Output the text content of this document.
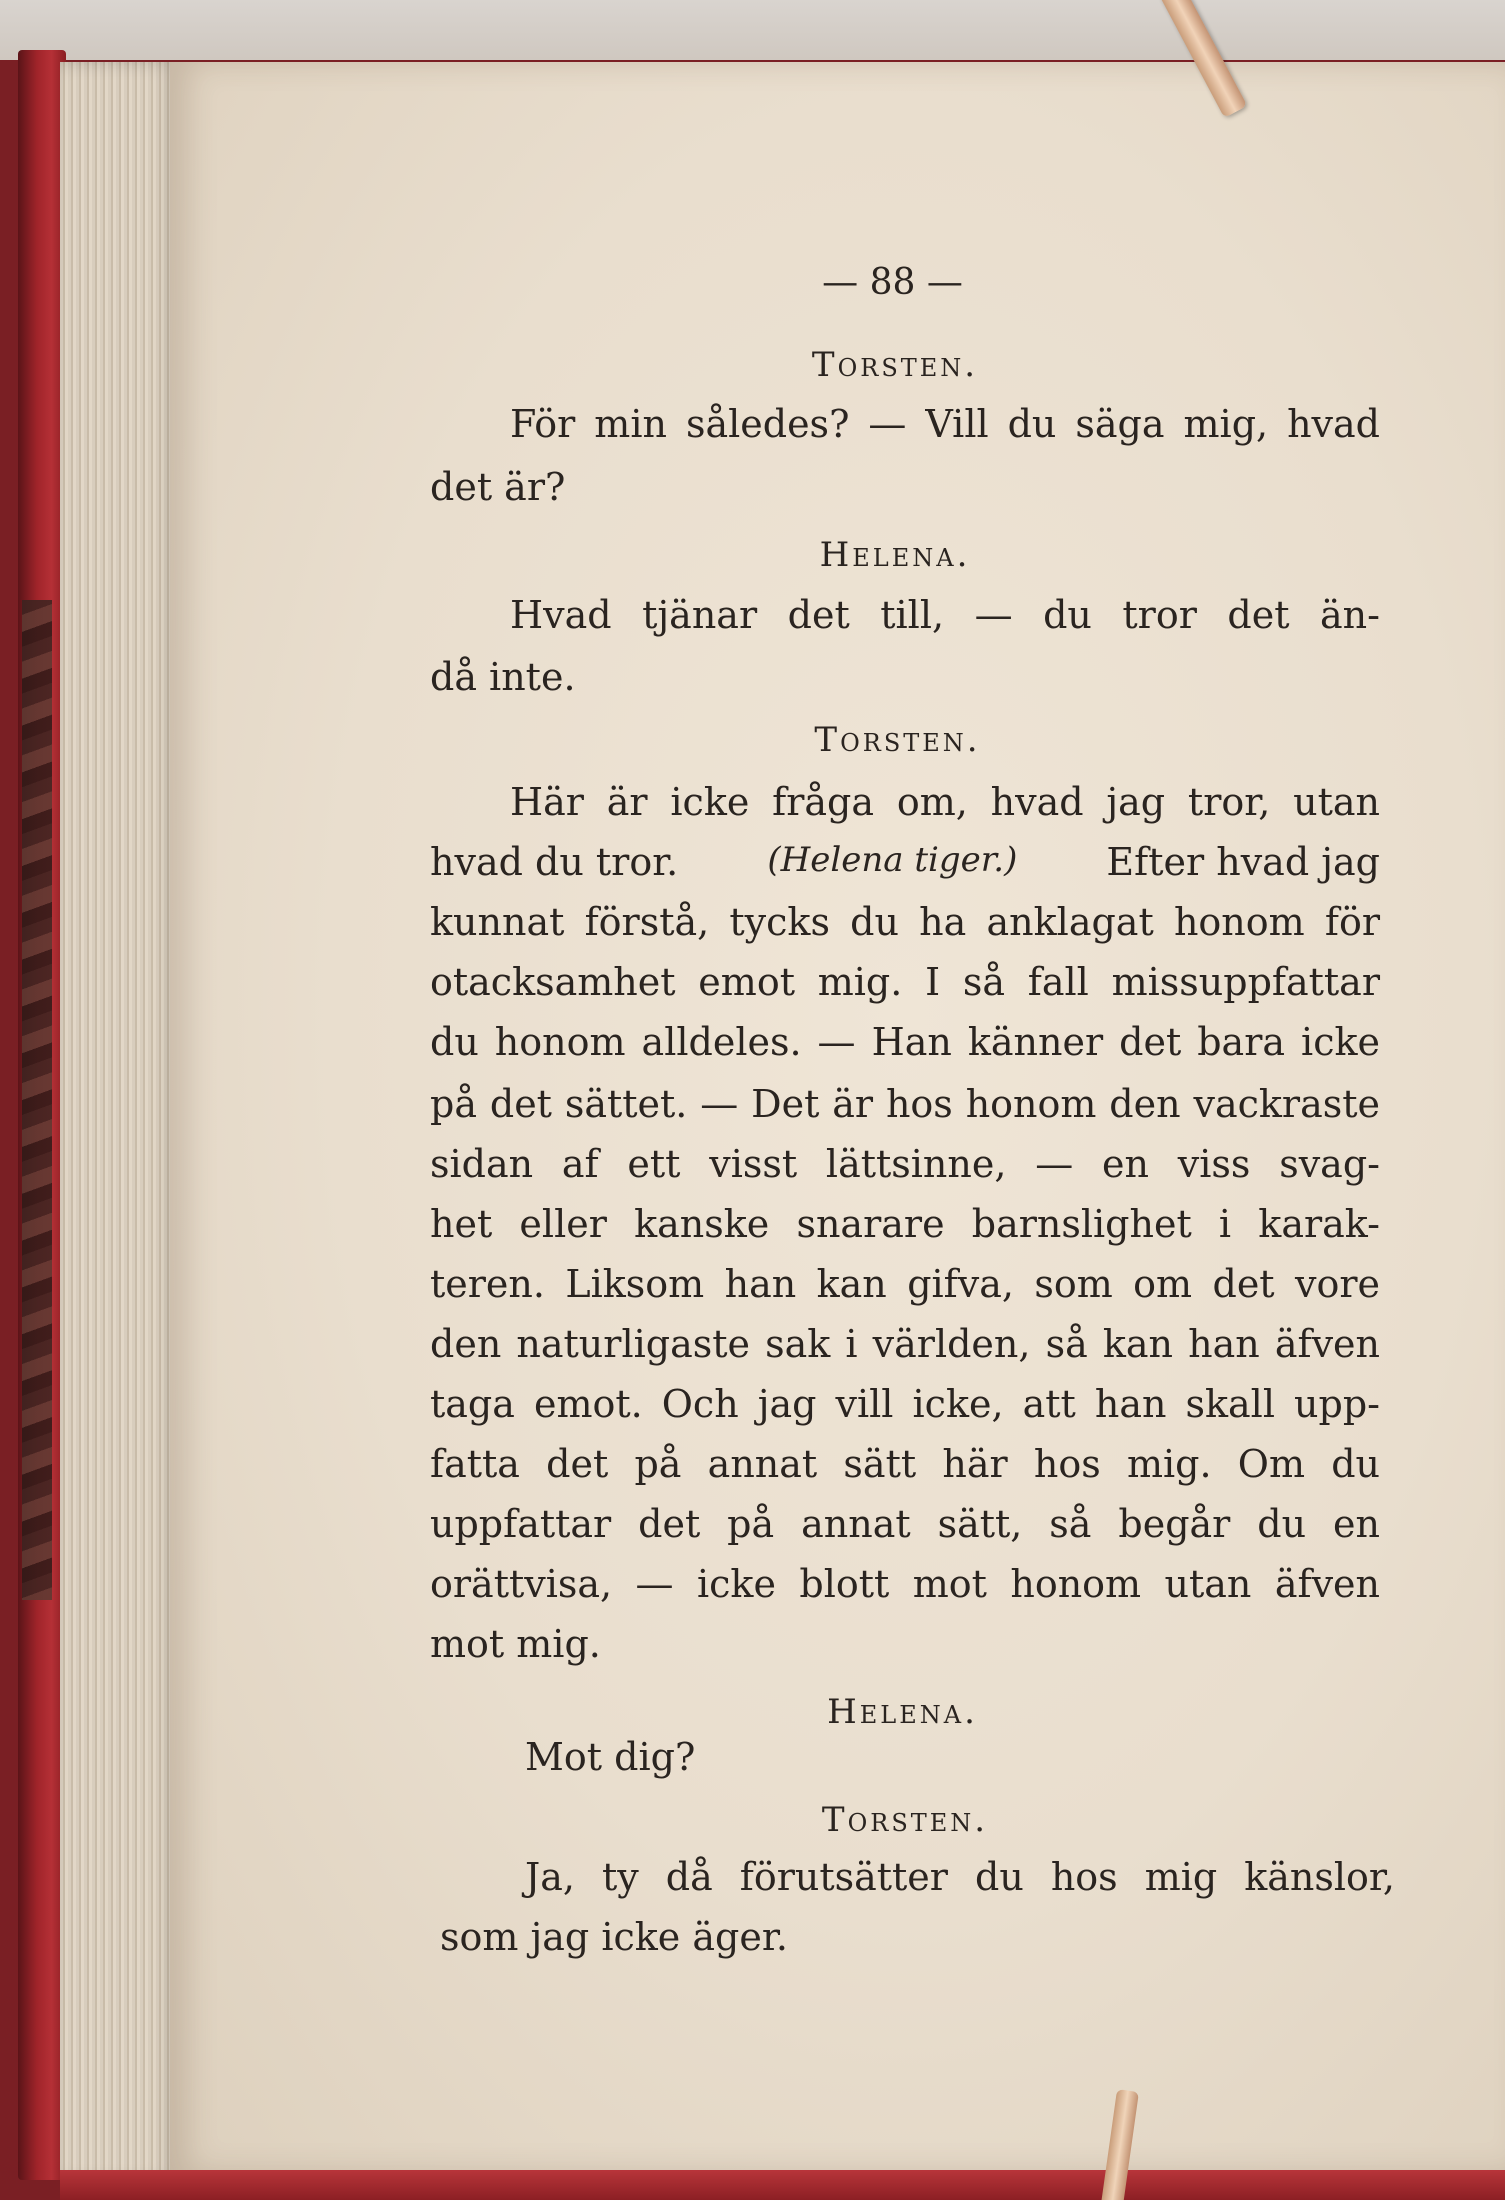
— 88 —
Torsten.
För min således? — Vill du säga mig, hvad
det är?
Helena.
Hvad tjänar det till, — du tror det än-
då inte.
Torsten.
Här är icke fråga om, hvad jag tror, utan
hvad du tror.	(Helena tiger.) Efter hvad jag
kunnat förstå, tycks du ha anklagat honom för
otacksamhet emot mig. I så fall missuppfattar
du honom alldeles. — Han känner det bara icke
på det sättet. — Det är hos honom den vackraste
sidan af ett visst lättsinne, — en viss svag-
het eller kanske snarare barnslighet i karak-
teren. Liksom han kan gifva, som om det vore
den naturligaste sak i världen, så kan han äfven
taga emot. Och jag vill icke, att han skall upp-
fatta det på annat sätt här hos mig. Om du
uppfattar det på annat sätt, så begår du en
orättvisa, — icke blott mot honom utan äfven
mot mig.
Helena.
Mot dig?
Torsten.
Ja, ty då förutsätter du hos mig känslor,
som jag icke äger.
